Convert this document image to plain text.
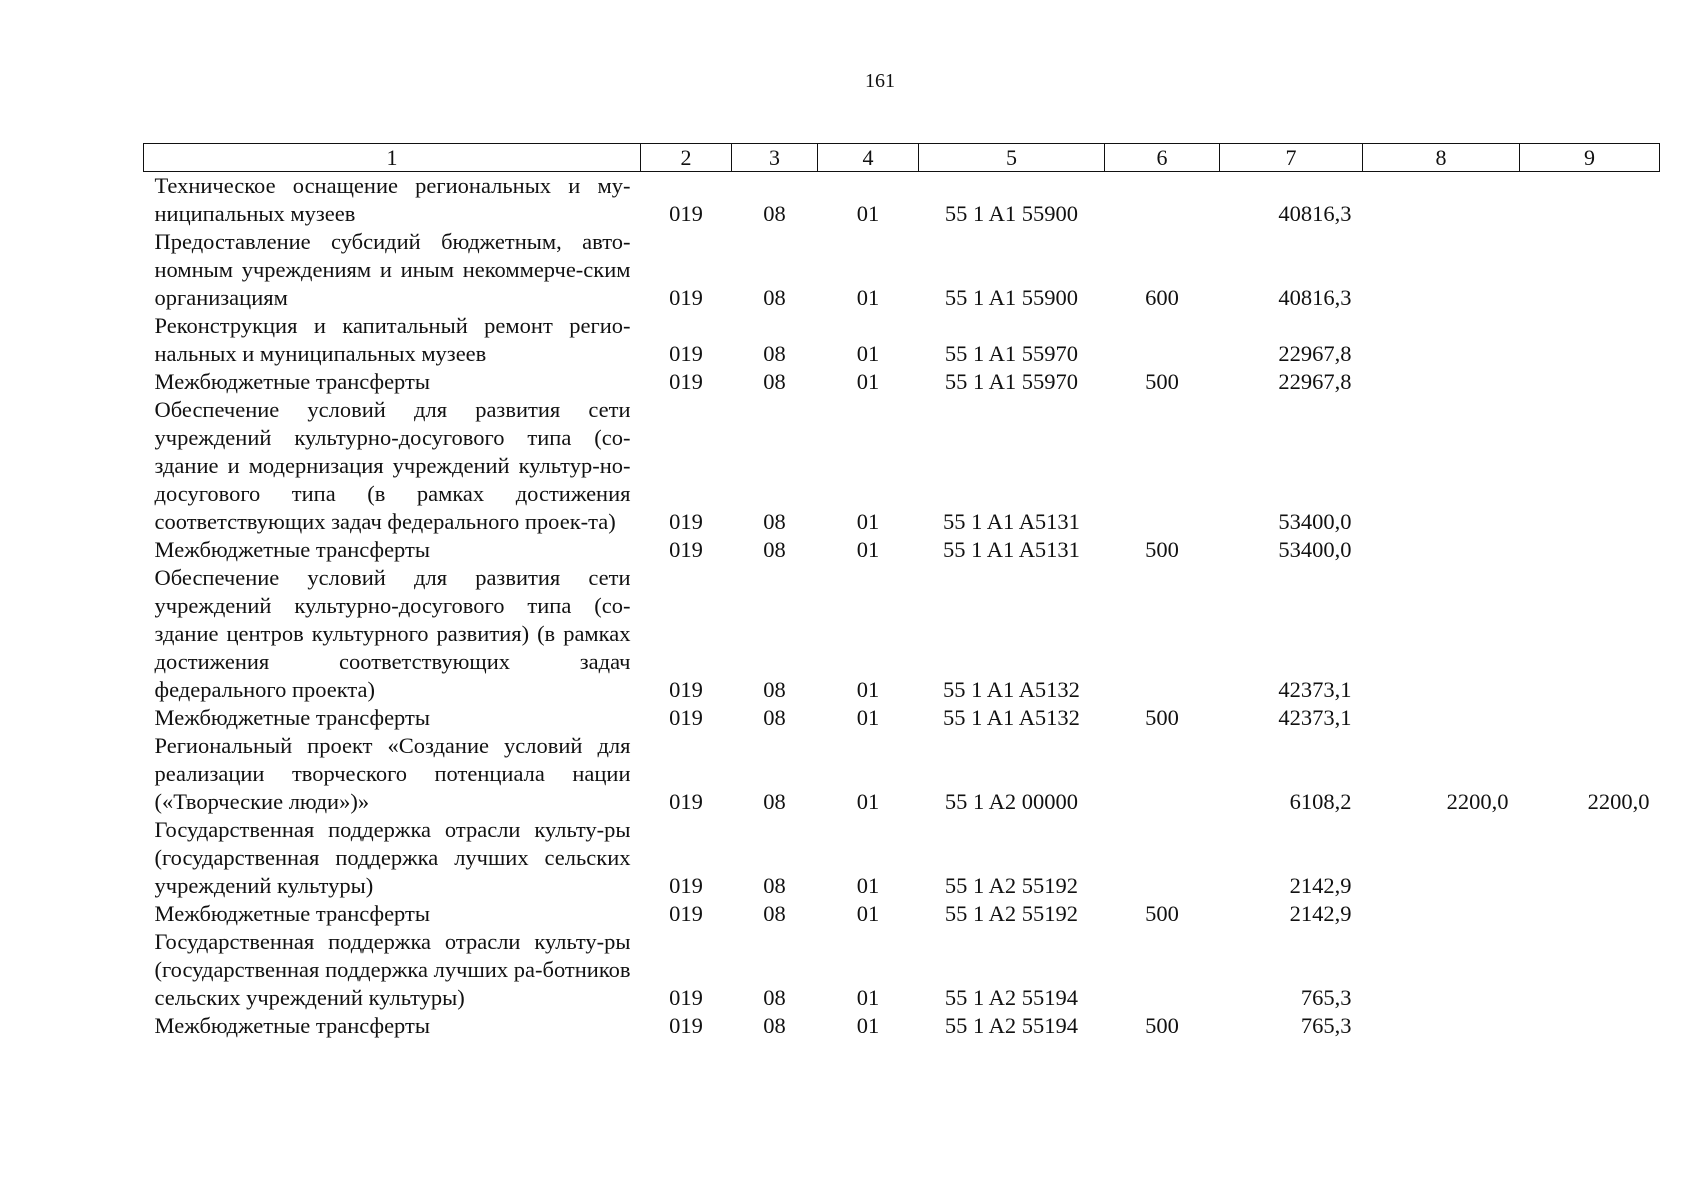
161
1	2	3	4	5	6	7	8	9
Техническое оснащение региональных и му-ниципальных музеев	019	08	01	55 1 A1 55900		40816,3		
Предоставление субсидий бюджетным, авто-номным учреждениям и иным некоммерче-ским организациям	019	08	01	55 1 A1 55900	600	40816,3		
Реконструкция и капитальный ремонт регио-нальных и муниципальных музеев	019	08	01	55 1 A1 55970		22967,8		
Межбюджетные трансферты	019	08	01	55 1 A1 55970	500	22967,8		
Обеспечение условий для развития сети учреждений культурно-досугового типа (со-здание и модернизация учреждений культур-но-досугового типа (в рамках достижения соответствующих задач федерального проек-та)	019	08	01	55 1 A1 A5131		53400,0		
Межбюджетные трансферты	019	08	01	55 1 A1 A5131	500	53400,0		
Обеспечение условий для развития сети учреждений культурно-досугового типа (со-здание центров культурного развития) (в рамках достижения соответствующих задач федерального проекта)	019	08	01	55 1 A1 A5132		42373,1		
Межбюджетные трансферты	019	08	01	55 1 A1 A5132	500	42373,1		
Региональный проект «Создание условий для реализации творческого потенциала нации («Творческие люди»)»	019	08	01	55 1 A2 00000		6108,2	2200,0	2200,0
Государственная поддержка отрасли культу-ры (государственная поддержка лучших сельских учреждений культуры)	019	08	01	55 1 A2 55192		2142,9		
Межбюджетные трансферты	019	08	01	55 1 A2 55192	500	2142,9		
Государственная поддержка отрасли культу-ры (государственная поддержка лучших ра-ботников сельских учреждений культуры)	019	08	01	55 1 A2 55194		765,3		
Межбюджетные трансферты	019	08	01	55 1 A2 55194	500	765,3		
